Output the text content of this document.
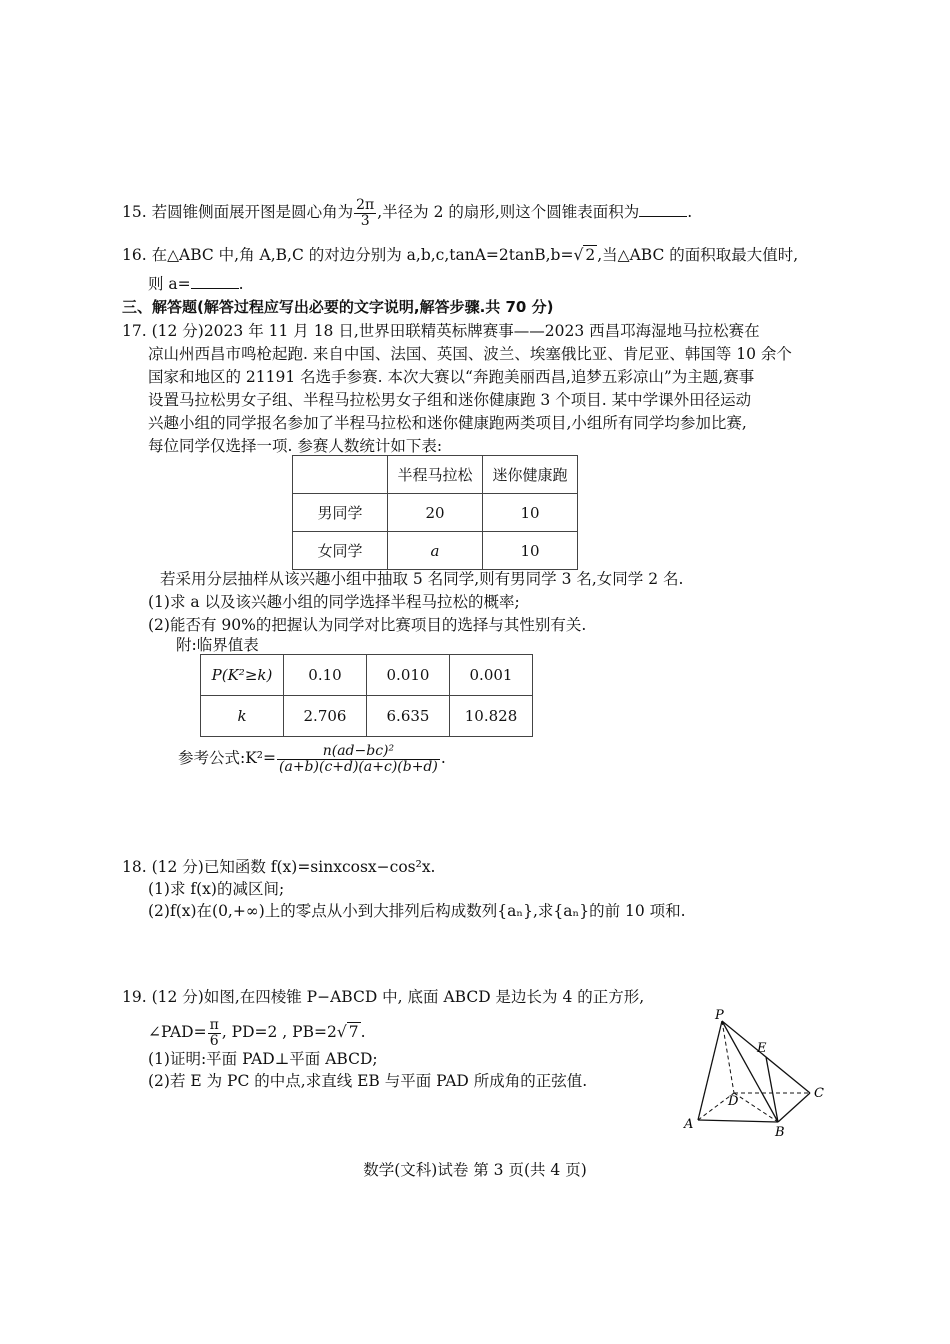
15. 若圆锥侧面展开图是圆心角为 $\frac{2\pi}{3}$ ,半径为 2 的扇形,则这个圆锥表面积为	.
16. 在△ABC 中,角 A,B,C 的对边分别为 a,b,c,tanA=2tanB,b=√ 2 ,当△ABC 的面积取最大值时,
则 a=	.
三、解答题(解答过程应写出必要的文字说明,解答步骤.共 70 分)
17. (12 分)2023 年 11 月 18 日,世界田联精英标牌赛事——2023 西昌邛海湿地马拉松赛在
凉山州西昌市鸣枪起跑. 来自中国、法国、英国、波兰、埃塞俄比亚、肯尼亚、韩国等 10 余个
国家和地区的 21191 名选手参赛. 本次大赛以“奔跑美丽西昌,追梦五彩凉山”为主题,赛事
设置马拉松男女子组、半程马拉松男女子组和迷你健康跑 3 个项目. 某中学课外田径运动
兴趣小组的同学报名参加了半程马拉松和迷你健康跑两类项目,小组所有同学均参加比赛,
每位同学仅选择一项. 参赛人数统计如下表:
	半程马拉松	迷你健康跑
男同学	20	10
女同学	a	10
若采用分层抽样从该兴趣小组中抽取 5 名同学,则有男同学 3 名,女同学 2 名.
(1)求 a 以及该兴趣小组的同学选择半程马拉松的概率;
(2)能否有 90%的把握认为同学对比赛项目的选择与其性别有关.
附:临界值表
P(K²≥k)	0.10	0.010	0.001
k	2.706	6.635	10.828
参考公式:K²= $\frac{\text{n(ad−bc)²}}{(a+b)(c+d)(a+c)(b+d)}$ .
18. (12 分)已知函数 f(x)=sinxcosx−cos²x.
(1)求 f(x)的减区间;
(2)f(x)在(0,+∞)上的零点从小到大排列后构成数列{aₙ},求{aₙ}的前 10 项和.
19. (12 分)如图,在四棱锥 P−ABCD 中, 底面 ABCD 是边长为 4 的正方形,
∠PAD= $\frac{\pi}{6}$ , PD=2 , PB=2√ 7 .
(1)证明:平面 PAD⊥平面 ABCD;
(2)若 E 为 PC 的中点,求直线 EB 与平面 PAD 所成角的正弦值.
P
E
C
D
A
B
数学(文科)试卷 第 3 页(共 4 页)
